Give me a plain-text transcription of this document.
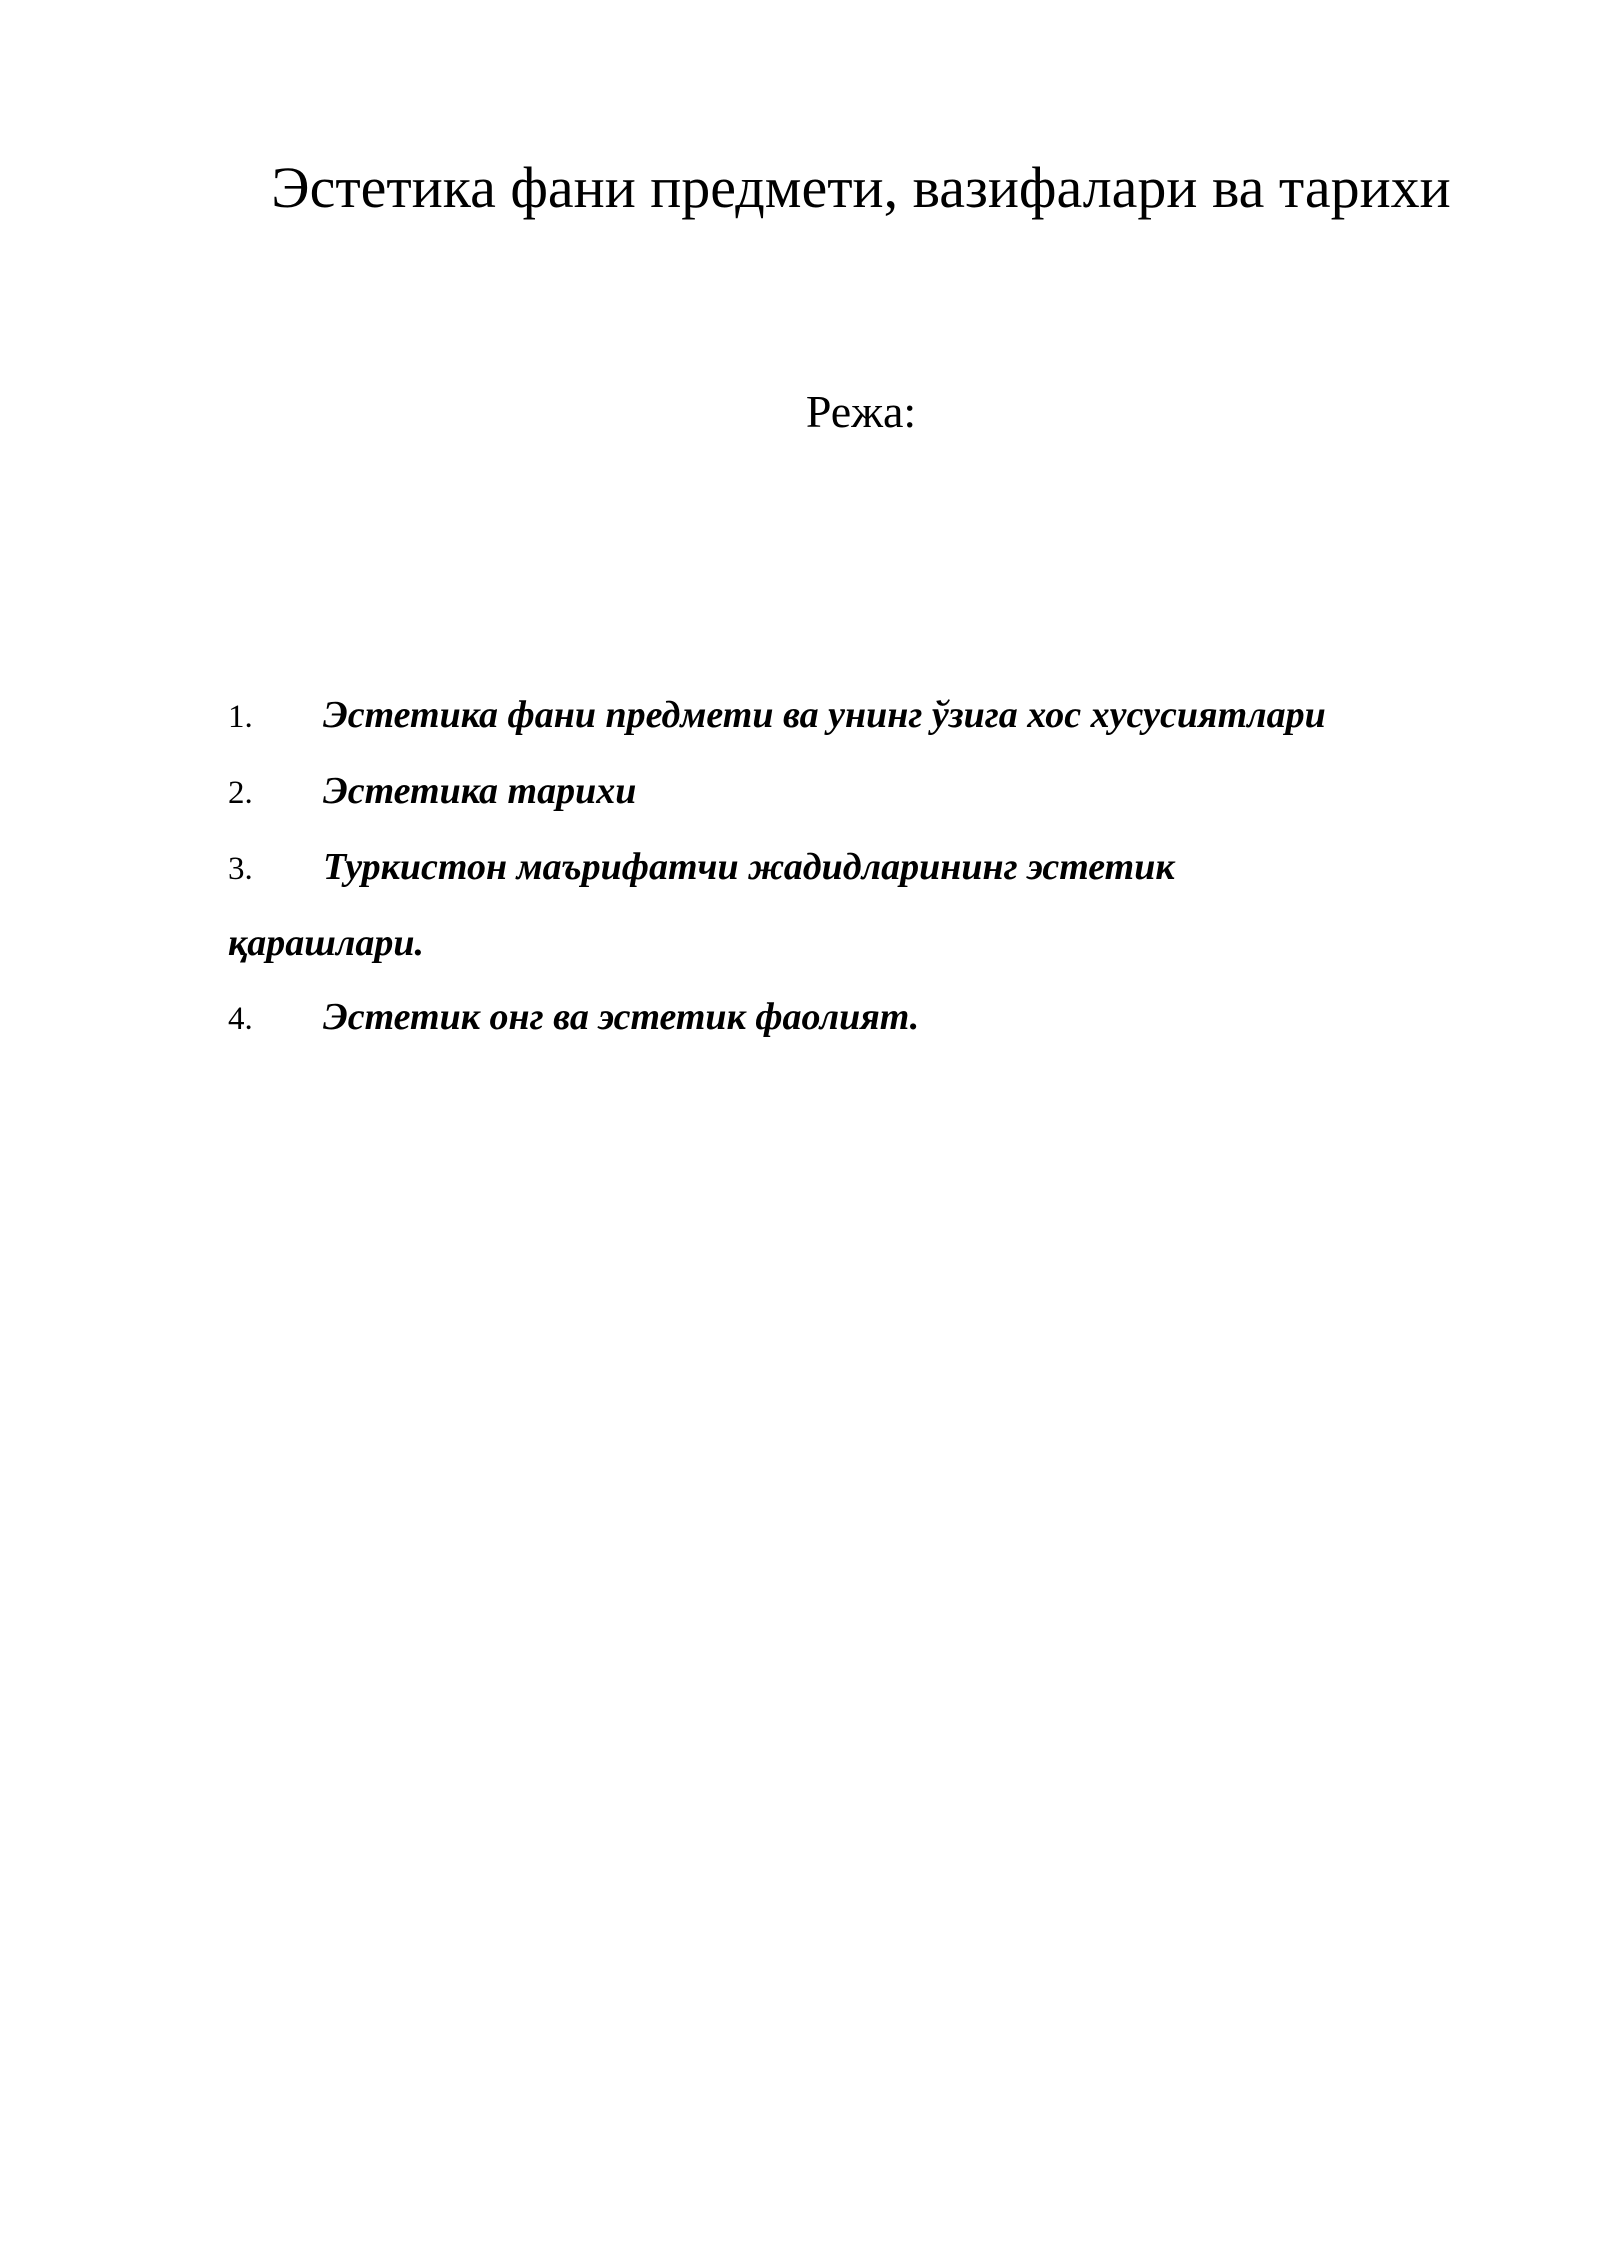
Эстетика фани предмети, вазифалари ва тарихи
Режа:
1. Эстетика фани предмети ва унинг ўзига хос хусусиятлари
2. Эстетика тарихи
3. Туркистон маърифатчи жадидларининг эстетик
қарашлари.
4. Эстетик онг ва эстетик фаолият.
